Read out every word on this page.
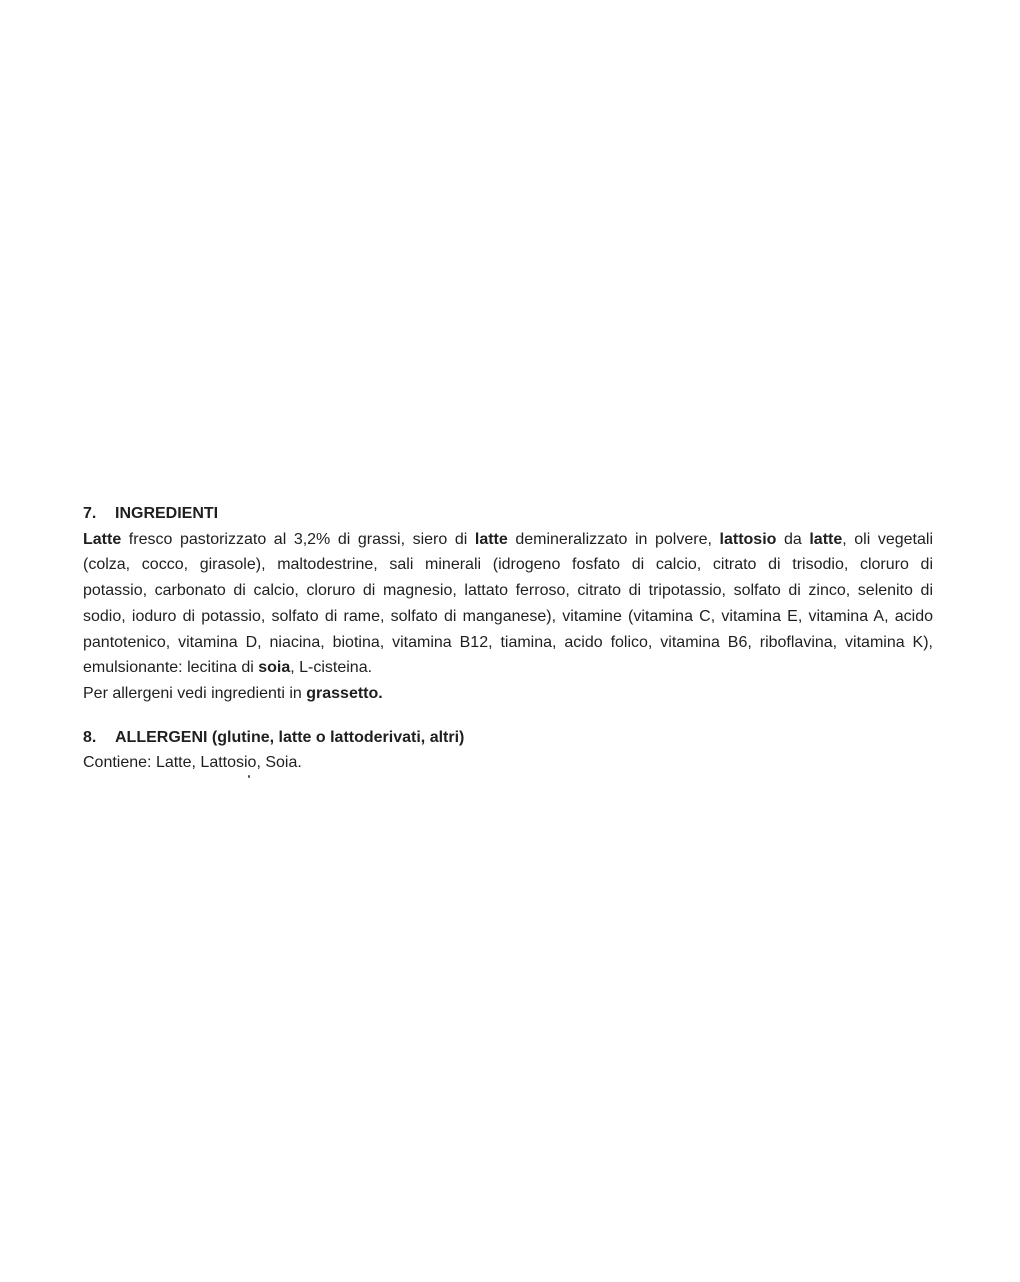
7. INGREDIENTI
Latte fresco pastorizzato al 3,2% di grassi, siero di latte demineralizzato in polvere, lattosio da latte, oli vegetali
(colza, cocco, girasole), maltodestrine, sali minerali (idrogeno fosfato di calcio, citrato di trisodio, cloruro di
potassio, carbonato di calcio, cloruro di magnesio, lattato ferroso, citrato di tripotassio, solfato di zinco, selenito di
sodio, ioduro di potassio, solfato di rame, solfato di manganese), vitamine (vitamina C, vitamina E, vitamina A, acido
pantotenico, vitamina D, niacina, biotina, vitamina B12, tiamina, acido folico, vitamina B6, riboflavina, vitamina K),
emulsionante: lecitina di soia, L-cisteina.
Per allergeni vedi ingredienti in grassetto.
8. ALLERGENI (glutine, latte o lattoderivati, altri)
Contiene: Latte, Lattosio, Soia.
